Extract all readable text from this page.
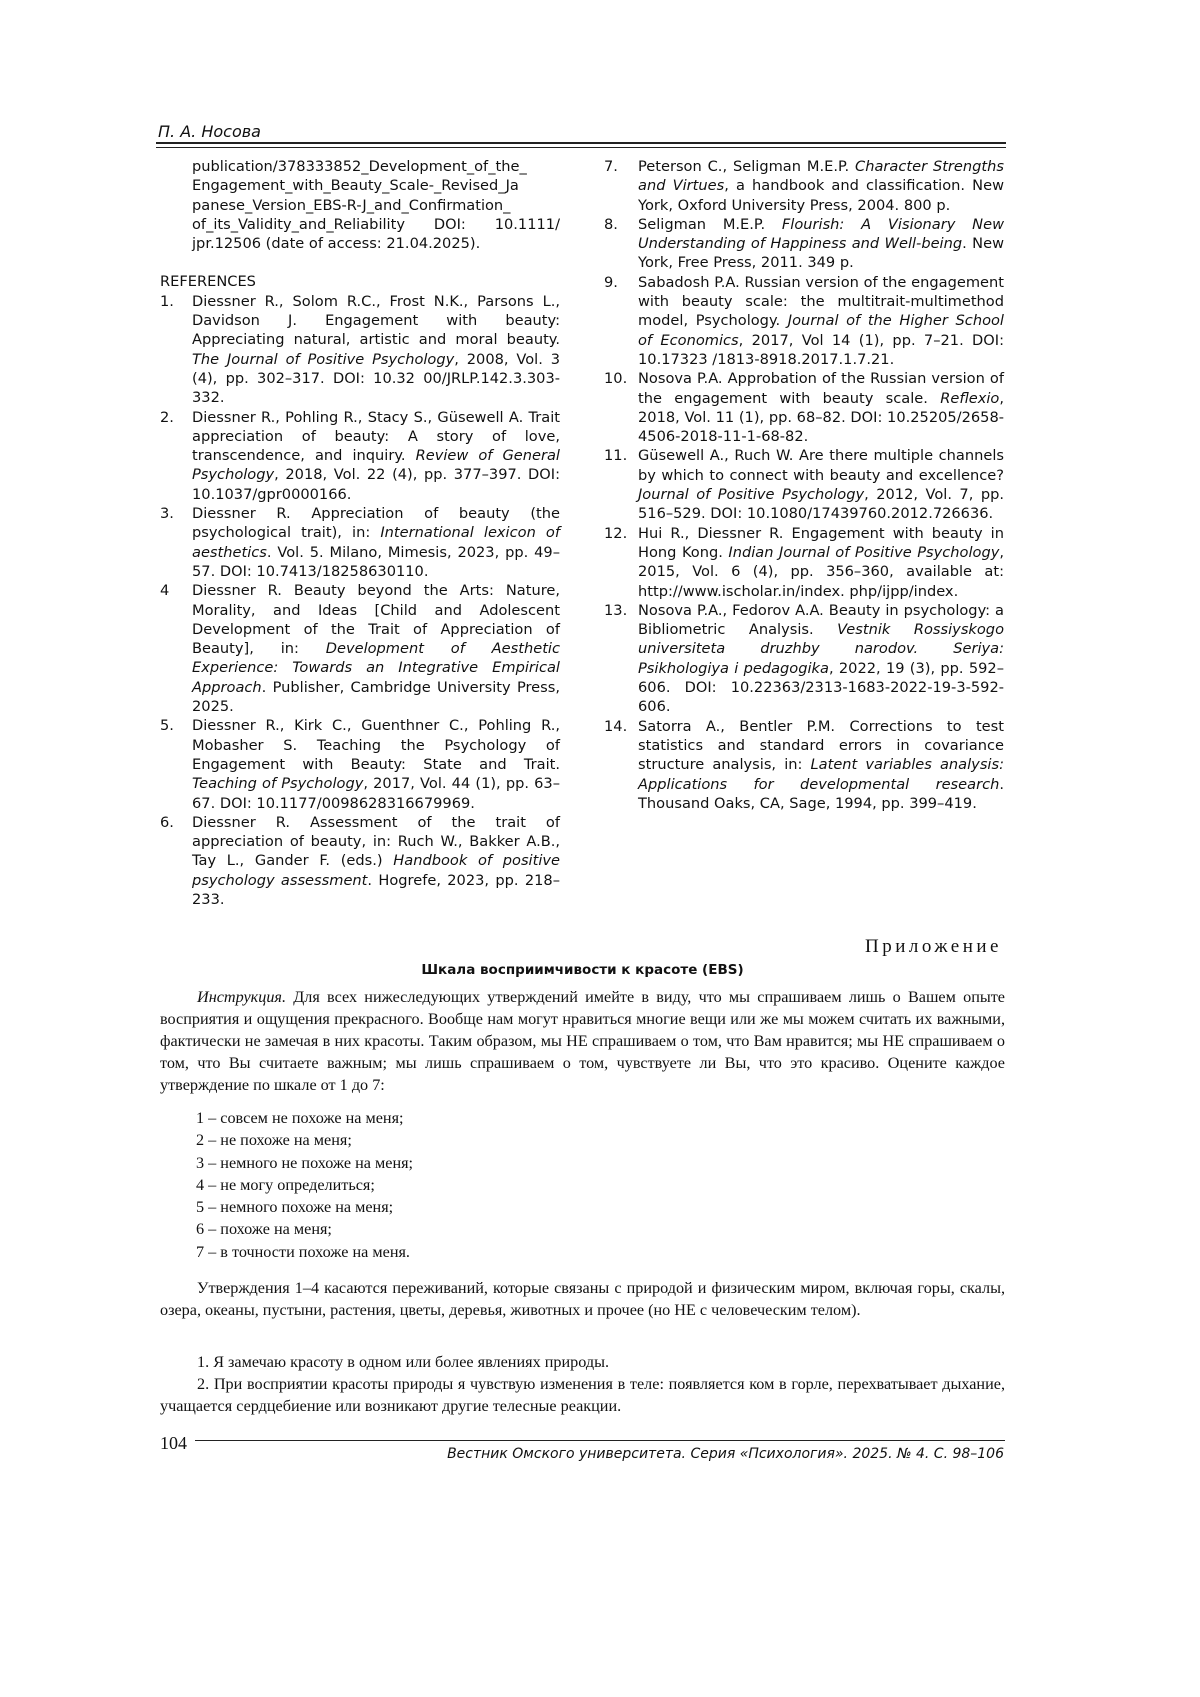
П. А. Носова
publication/378333852_Development_of_the_ Engagement_with_Beauty_Scale-_Revised_Ja panese_Version_EBS-R-J_and_Confirmation_ of_its_Validity_and_Reliability DOI: 10.1111/ jpr.12506 (date of access: 21.04.2025).
REFERENCES
1.	Diessner R., Solom R.C., Frost N.K., Parsons L., Davidson J. Engagement with beauty: Appreciating natural, artistic and moral beauty. The Journal of Positive Psychology, 2008, Vol. 3 (4), pp. 302–317. DOI: 10.32 00/JRLP.142.3.303-332.
2.	Diessner R., Pohling R., Stacy S., Güsewell A. Trait appreciation of beauty: A story of love, transcendence, and inquiry. Review of General Psychology, 2018, Vol. 22 (4), pp. 377–397. DOI: 10.1037/gpr0000166.
3.	Diessner R. Appreciation of beauty (the psychological trait), in: International lexicon of aesthetics. Vol. 5. Milano, Mimesis, 2023, pp. 49–57. DOI: 10.7413/18258630110.
4	Diessner R. Beauty beyond the Arts: Nature, Morality, and Ideas [Child and Adolescent Development of the Trait of Appreciation of Beauty], in: Development of Aesthetic Experience: Towards an Integrative Empirical Approach. Publisher, Cambridge University Press, 2025.
5.	Diessner R., Kirk C., Guenthner C., Pohling R., Mobasher S. Teaching the Psychology of Engagement with Beauty: State and Trait. Teaching of Psychology, 2017, Vol. 44 (1), pp. 63–67. DOI: 10.1177/0098628316679969.
6.	Diessner R. Assessment of the trait of appreciation of beauty, in: Ruch W., Bakker A.B., Tay L., Gander F. (eds.) Handbook of positive psychology assessment. Hogrefe, 2023, pp. 218–233.
7.	Peterson C., Seligman M.E.P. Character Strengths and Virtues, a handbook and classification. New York, Oxford University Press, 2004. 800 p.
8.	Seligman M.E.P. Flourish: A Visionary New Understanding of Happiness and Well-being. New York, Free Press, 2011. 349 p.
9.	Sabadosh P.A. Russian version of the engagement with beauty scale: the multitrait-multimethod model, Psychology. Journal of the Higher School of Economics, 2017, Vol 14 (1), pp. 7–21. DOI: 10.17323 /1813-8918.2017.1.7.21.
10. Nosova P.A. Approbation of the Russian version of the engagement with beauty scale. Reflexio, 2018, Vol. 11 (1), pp. 68–82. DOI: 10.25205/2658-4506-2018-11-1-68-82.
11. Güsewell A., Ruch W. Are there multiple channels by which to connect with beauty and excellence? Journal of Positive Psychology, 2012, Vol. 7, pp. 516–529. DOI: 10.1080/17439760.2012.726636.
12. Hui R., Diessner R. Engagement with beauty in Hong Kong. Indian Journal of Positive Psychology, 2015, Vol. 6 (4), pp. 356–360, available at: http://www.ischolar.in/index. php/ijpp/index.
13. Nosova P.A., Fedorov A.A. Beauty in psychology: a Bibliometric Analysis. Vestnik Rossiyskogo universiteta druzhby narodov. Seriya: Psikhologiya i pedagogika, 2022, 19 (3), pp. 592–606. DOI: 10.22363/2313-1683-2022-19-3-592-606.
14. Satorra A., Bentler P.M. Corrections to test statistics and standard errors in covariance structure analysis, in: Latent variables analysis: Applications for developmental research. Thousand Oaks, CA, Sage, 1994, pp. 399–419.
Приложение
Шкала восприимчивости к красоте (EBS)

Инструкция. Для всех нижеследующих утверждений имейте в виду, что мы спрашиваем лишь о Вашем опыте восприятия и ощущения прекрасного. Вообще нам могут нравиться многие вещи или же мы можем считать их важными, фактически не замечая в них красоты. Таким образом, мы НЕ спрашиваем о том, что Вам нравится; мы НЕ спрашиваем о том, что Вы считаете важным; мы лишь спрашиваем о том, чувствуете ли Вы, что это красиво. Оцените каждое утверждение по шкале от 1 до 7:

1 – совсем не похоже на меня;
2 – не похоже на меня;
3 – немного не похоже на меня;
4 – не могу определиться;
5 – немного похоже на меня;
6 – похоже на меня;
7 – в точности похоже на меня.

Утверждения 1–4 касаются переживаний, которые связаны с природой и физическим миром, включая горы, скалы, озера, океаны, пустыни, растения, цветы, деревья, животных и прочее (но НЕ с человеческим телом).

1. Я замечаю красоту в одном или более явлениях природы.

2. При восприятии красоты природы я чувствую изменения в теле: появляется ком в горле, перехватывает дыхание, учащается сердцебиение или возникают другие телесные реакции.

104
Вестник Омского университета. Серия «Психология». 2025. № 4. С. 98–106
